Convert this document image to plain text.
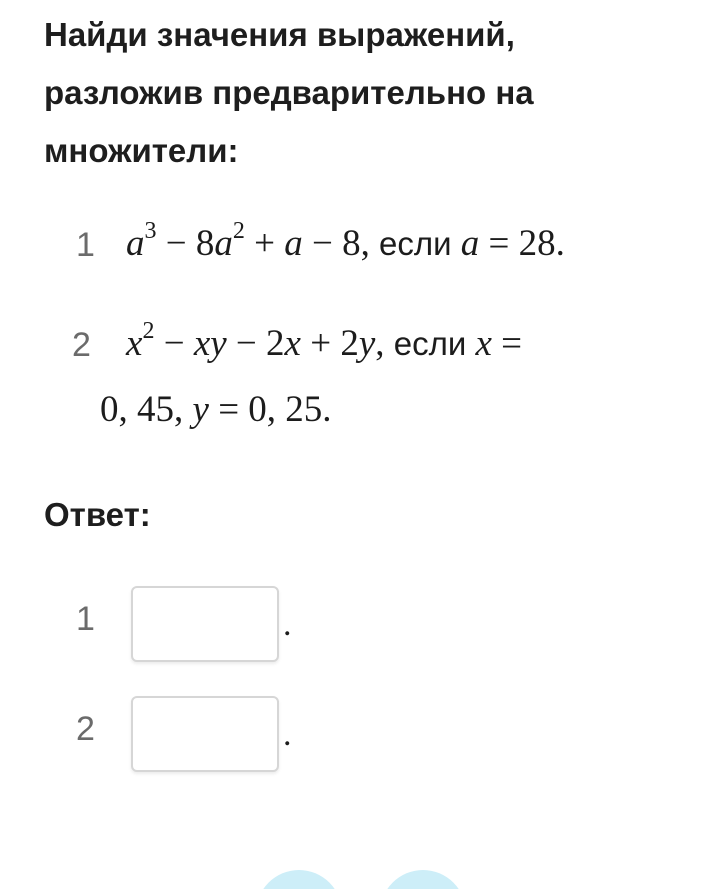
Найди значения выражений,
разложив предварительно на
множители:
1 $a^3 - 8a^2 + a - 8$, если a = 28.
2 $x^2$ − xy − 2x + 2y, если x =
0, 45, y = 0, 25.
Ответ:
1	.
2	.
